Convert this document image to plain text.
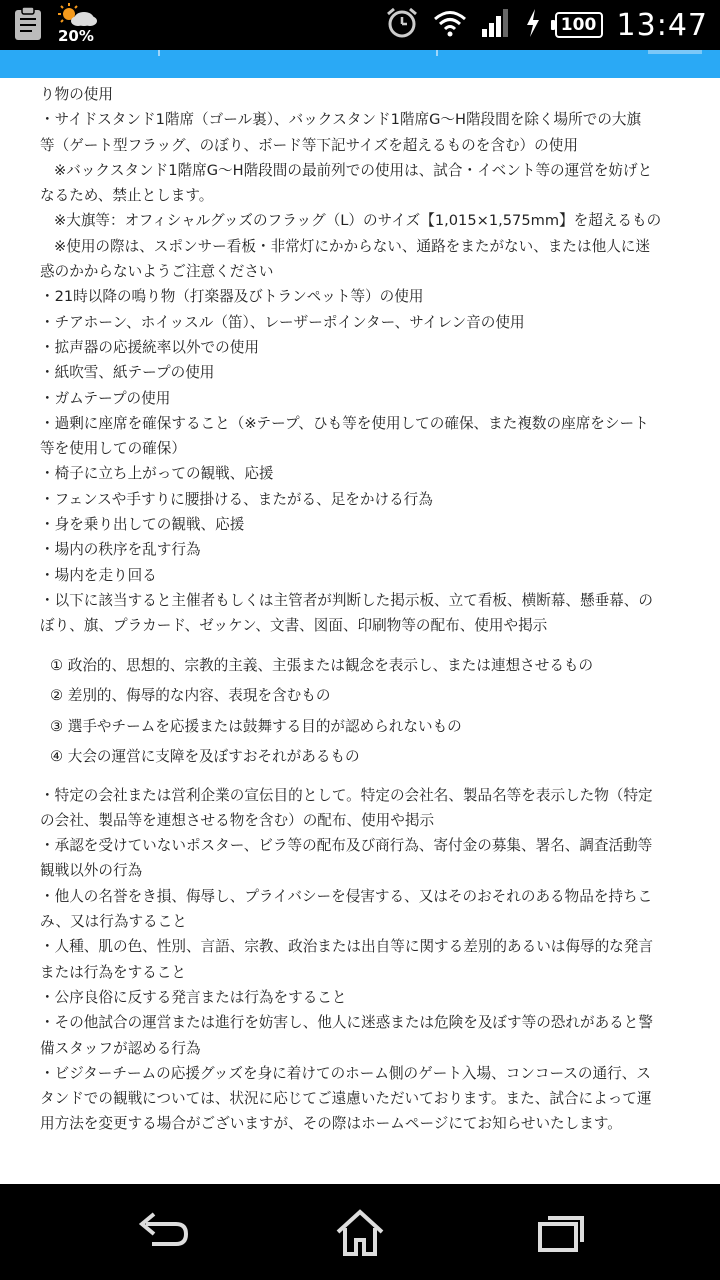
20%
100 13:47
り物の使用
・サイドスタンド1階席（ゴール裏）、バックスタンド1階席G～H階段間を除く場所での大旗
等（ゲート型フラッグ、のぼり、ボード等下記サイズを超えるものを含む）の使用
※バックスタンド1階席G～H階段間の最前列での使用は、試合・イベント等の運営を妨げと
なるため、禁止とします。
※大旗等：オフィシャルグッズのフラッグ（L）のサイズ【1,015×1,575mm】を超えるもの
※使用の際は、スポンサー看板・非常灯にかからない、通路をまたがない、または他人に迷
惑のかからないようご注意ください
・21時以降の鳴り物（打楽器及びトランペット等）の使用
・チアホーン、ホイッスル（笛）、レーザーポインター、サイレン音の使用
・拡声器の応援統率以外での使用
・紙吹雪、紙テープの使用
・ガムテープの使用
・過剰に座席を確保すること（※テープ、ひも等を使用しての確保、また複数の座席をシート
等を使用しての確保）
・椅子に立ち上がっての観戦、応援
・フェンスや手すりに腰掛ける、またがる、足をかける行為
・身を乗り出しての観戦、応援
・場内の秩序を乱す行為
・場内を走り回る
・以下に該当すると主催者もしくは主管者が判断した掲示板、立て看板、横断幕、懸垂幕、の
ぼり、旗、プラカード、ゼッケン、文書、図面、印刷物等の配布、使用や掲示
① 政治的、思想的、宗教的主義、主張または観念を表示し、または連想させるもの
② 差別的、侮辱的な内容、表現を含むもの
③ 選手やチームを応援または鼓舞する目的が認められないもの
④ 大会の運営に支障を及ぼすおそれがあるもの
・特定の会社または営利企業の宣伝目的として。特定の会社名、製品名等を表示した物（特定
の会社、製品等を連想させる物を含む）の配布、使用や掲示
・承認を受けていないポスター、ビラ等の配布及び商行為、寄付金の募集、署名、調査活動等
観戦以外の行為
・他人の名誉をき損、侮辱し、プライバシーを侵害する、又はそのおそれのある物品を持ちこ
み、又は行為すること
・人種、肌の色、性別、言語、宗教、政治または出自等に関する差別的あるいは侮辱的な発言
または行為をすること
・公序良俗に反する発言または行為をすること
・その他試合の運営または進行を妨害し、他人に迷惑または危険を及ぼす等の恐れがあると警
備スタッフが認める行為
・ビジターチームの応援グッズを身に着けてのホーム側のゲート入場、コンコースの通行、ス
タンドでの観戦については、状況に応じてご遠慮いただいております。また、試合によって運
用方法を変更する場合がございますが、その際はホームページにてお知らせいたします。
